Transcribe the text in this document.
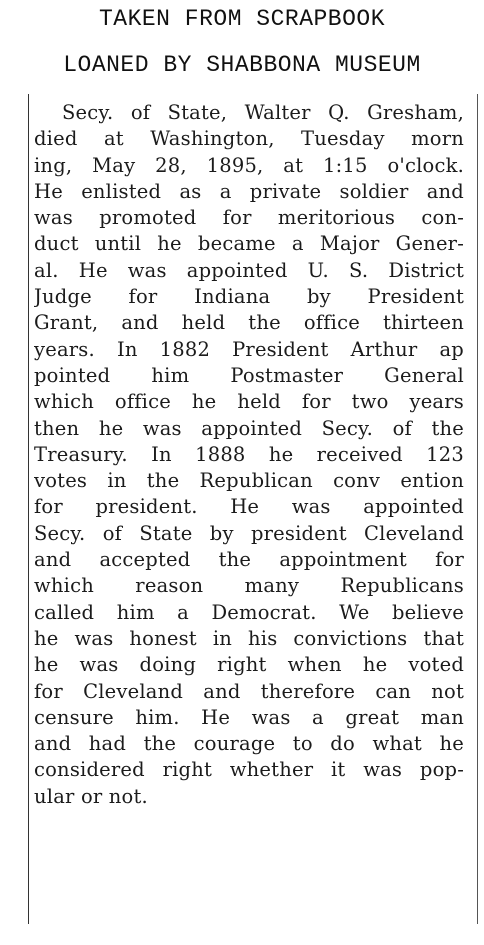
TAKEN FROM SCRAPBOOK
LOANED BY SHABBONA MUSEUM
Secy. of State, Walter Q. Gresham,
died at Washington, Tuesday morn
ing, May 28, 1895, at 1:15 o'clock.
He enlisted as a private soldier and
was promoted for meritorious con-
duct until he became a Major Gener-
al. He was appointed U. S. District
Judge for Indiana by President
Grant, and held the office thirteen
years. In 1882 President Arthur ap
pointed him Postmaster General
which office he held for two years
then he was appointed Secy. of the
Treasury. In 1888 he received 123
votes in the Republican conv ention
for president. He was appointed
Secy. of State by president Cleveland
and accepted the appointment for
which reason many Republicans
called him a Democrat. We believe
he was honest in his convictions that
he was doing right when he voted
for Cleveland and therefore can not
censure him. He was a great man
and had the courage to do what he
considered right whether it was pop-
ular or not.
